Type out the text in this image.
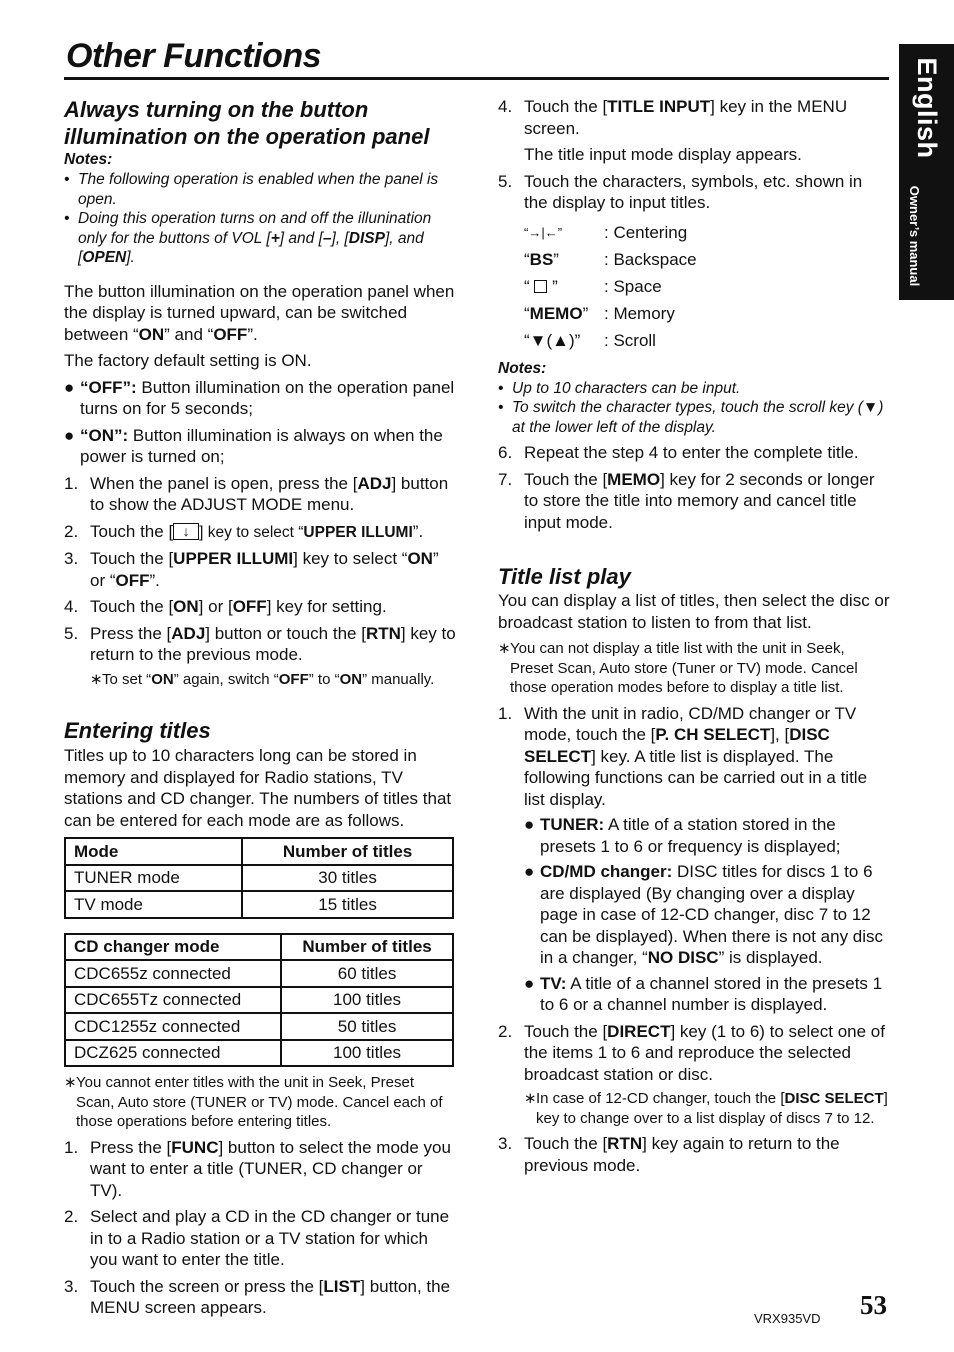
Other Functions
English
Owner’s manual
Always turning on the button illumination on the operation panel
Notes:
• The following operation is enabled when the panel is open.
• Doing this operation turns on and off the illunination only for the buttons of VOL [+] and [–], [DISP], and [OPEN].

The button illumination on the operation panel when the display is turned upward, can be switched between “ON” and “OFF”.

The factory default setting is ON.

● “OFF”: Button illumination on the operation panel turns on for 5 seconds;
● “ON”: Button illumination is always on when the power is turned on;
1. When the panel is open, press the [ADJ] button to show the ADJUST MODE menu.
2. Touch the [ ↓ ] key to select “UPPER ILLUMI”.
3. Touch the [UPPER ILLUMI] key to select “ON” or “OFF”.
4. Touch the [ON] or [OFF] key for setting.
5. Press the [ADJ] button or touch the [RTN] key to return to the previous mode.
∗ To set “ON” again, switch “OFF” to “ON” manually.
Entering titles

Titles up to 10 characters long can be stored in memory and displayed for Radio stations, TV stations and CD changer. The numbers of titles that can be entered for each mode are as follows.

Mode	Number of titles
TUNER mode	30 titles
TV mode	15 titles
CD changer mode	Number of titles
CDC655z connected	60 titles
CDC655Tz connected	100 titles
CDC1255z connected	50 titles
DCZ625 connected	100 titles
∗ You cannot enter titles with the unit in Seek, Preset Scan, Auto store (TUNER or TV) mode. Cancel each of those operations before entering titles.
1. Press the [FUNC] button to select the mode you want to enter a title (TUNER, CD changer or TV).
2. Select and play a CD in the CD changer or tune in to a Radio station or a TV station for which you want to enter the title.
3. Touch the screen or press the [LIST] button, the MENU screen appears.
4. Touch the [TITLE INPUT] key in the MENU screen.

The title input mode display appears.

5. Touch the characters, symbols, etc. shown in the display to input titles.
“→|←”	: Centering
“BS”	: Backspace
“  ”	: Space
“MEMO” : Memory
“▼(▲)”	: Scroll
Notes:
• Up to 10 characters can be input.
• To switch the character types, touch the scroll key (▼) at the lower left of the display.
6. Repeat the step 4 to enter the complete title.
7. Touch the [MEMO] key for 2 seconds or longer to store the title into memory and cancel title input mode.
Title list play

You can display a list of titles, then select the disc or broadcast station to listen to from that list.

∗ You can not display a title list with the unit in Seek, Preset Scan, Auto store (Tuner or TV) mode. Cancel those operation modes before to display a title list.
1. With the unit in radio, CD/MD changer or TV mode, touch the [P. CH SELECT], [DISC SELECT] key. A title list is displayed. The following functions can be carried out in a title list display.
● TUNER: A title of a station stored in the presets 1 to 6 or frequency is displayed;
● CD/MD changer: DISC titles for discs 1 to 6 are displayed (By changing over a display page in case of 12-CD changer, disc 7 to 12 can be displayed). When there is not any disc in a changer, “NO DISC” is displayed.
● TV: A title of a channel stored in the presets 1 to 6 or a channel number is displayed.
2. Touch the [DIRECT] key (1 to 6) to select one of the items 1 to 6 and reproduce the selected broadcast station or disc.
∗ In case of 12-CD changer, touch the [DISC SELECT] key to change over to a list display of discs 7 to 12.
3. Touch the [RTN] key again to return to the previous mode.
VRX935VD 53
